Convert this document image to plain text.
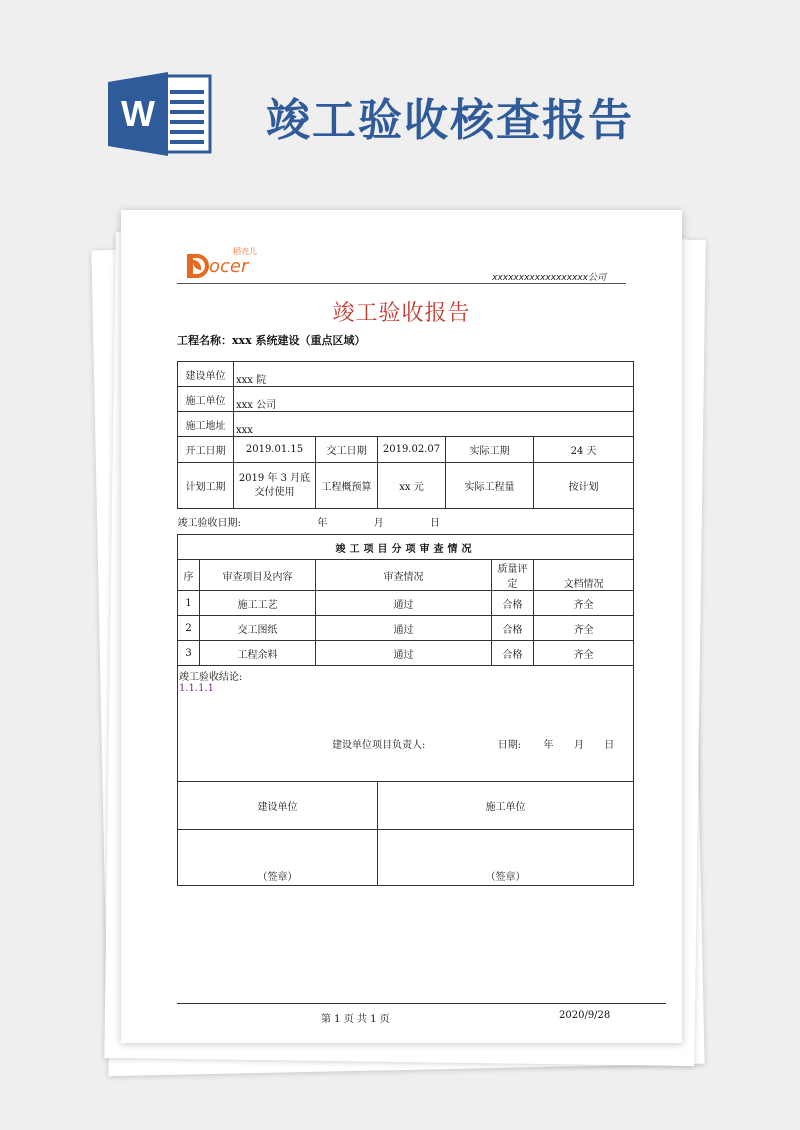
W	竣工验收核查报告
ocer
稻壳儿
xxxxxxxxxxxxxxxxxx公司
竣工验收报告
工程名称：xxx 系统建设（重点区域）
建设单位		xxx 院					
施工单位		xxx 公司					
施工地址		xxx					
开工日期		2019.01.15	交工日期	2019.02.07	实际工期		24 天
计划工期		2019 年 3 月底交付使用	工程概预算	xx 元	实际工程量		按计划
竣工验收日期: 年 月 日							
竣工项目分项审查情况							
序	审查项目及内容		审查情况			质量评定	文档情况
1	施工工艺		通过			合格	齐全
2	交工图纸		通过			合格	齐全
3	工程余料		通过			合格	齐全

竣工验收结论:
1.1.1.1
建设单位项目负责人: 日期: 年 月 日							

建设单位				施工单位			
（签章）				（签章）			
第 1 页 共 1 页	2020/9/28
